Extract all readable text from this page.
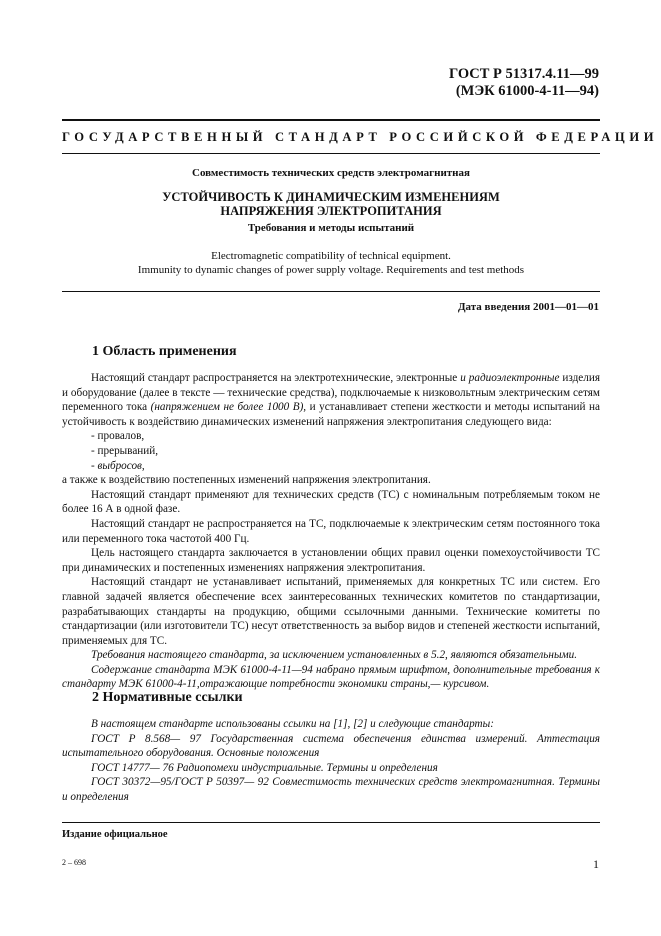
ГОСТ Р 51317.4.11—99
(МЭК 61000-4-11—94)
ГОСУДАРСТВЕННЫЙ СТАНДАРТ РОССИЙСКОЙ ФЕДЕРАЦИИ
Совместимость технических средств электромагнитная
УСТОЙЧИВОСТЬ К ДИНАМИЧЕСКИМ ИЗМЕНЕНИЯМ
НАПРЯЖЕНИЯ ЭЛЕКТРОПИТАНИЯ
Требования и методы испытаний
Electromagnetic compatibility of technical equipment.
Immunity to dynamic changes of power supply voltage. Requirements and test methods
Дата введения 2001—01—01
1 Область применения

Настоящий стандарт распространяется на электротехнические, электронные и радиоэлектронные изделия и оборудование (далее в тексте — технические средства), подключаемые к низковольтным электрическим сетям переменного тока (напряжением не более 1000 В), и устанавливает степени жесткости и методы испытаний на устойчивость к воздействию динамических изменений напряжения электропитания следующего вида:

- провалов,

- прерываний,

- выбросов,

а также к воздействию постепенных изменений напряжения электропитания.

Настоящий стандарт применяют для технических средств (ТС) с номинальным потребляемым током не более 16 А в одной фазе.

Настоящий стандарт не распространяется на ТС, подключаемые к электрическим сетям постоянного тока или переменного тока частотой 400 Гц.

Цель настоящего стандарта заключается в установлении общих правил оценки помехоустойчивости ТС при динамических и постепенных изменениях напряжения электропитания.

Настоящий стандарт не устанавливает испытаний, применяемых для конкретных ТС или систем. Его главной задачей является обеспечение всех заинтересованных технических комитетов по стандартизации, разрабатывающих стандарты на продукцию, общими ссылочными данными. Технические комитеты по стандартизации (или изготовители ТС) несут ответственность за выбор видов и степеней жесткости испытаний, применяемых для ТС.

Требования настоящего стандарта, за исключением установленных в 5.2, являются обязательными.

Содержание стандарта МЭК 61000-4-11—94 набрано прямым шрифтом, дополнительные требования к стандарту МЭК 61000-4-11,отражающие потребности экономики страны,— курсивом.

2 Нормативные ссылки

В настоящем стандарте использованы ссылки на [1], [2] и следующие стандарты:

ГОСТ Р 8.568— 97 Государственная система обеспечения единства измерений. Аттестация испытательного оборудования. Основные положения

ГОСТ 14777— 76 Радиопомехи индустриальные. Термины и определения

ГОСТ 30372—95/ГОСТ Р 50397— 92 Совместимость технических средств электромагнитная. Термины и определения

Издание официальное
2 – 698	1
